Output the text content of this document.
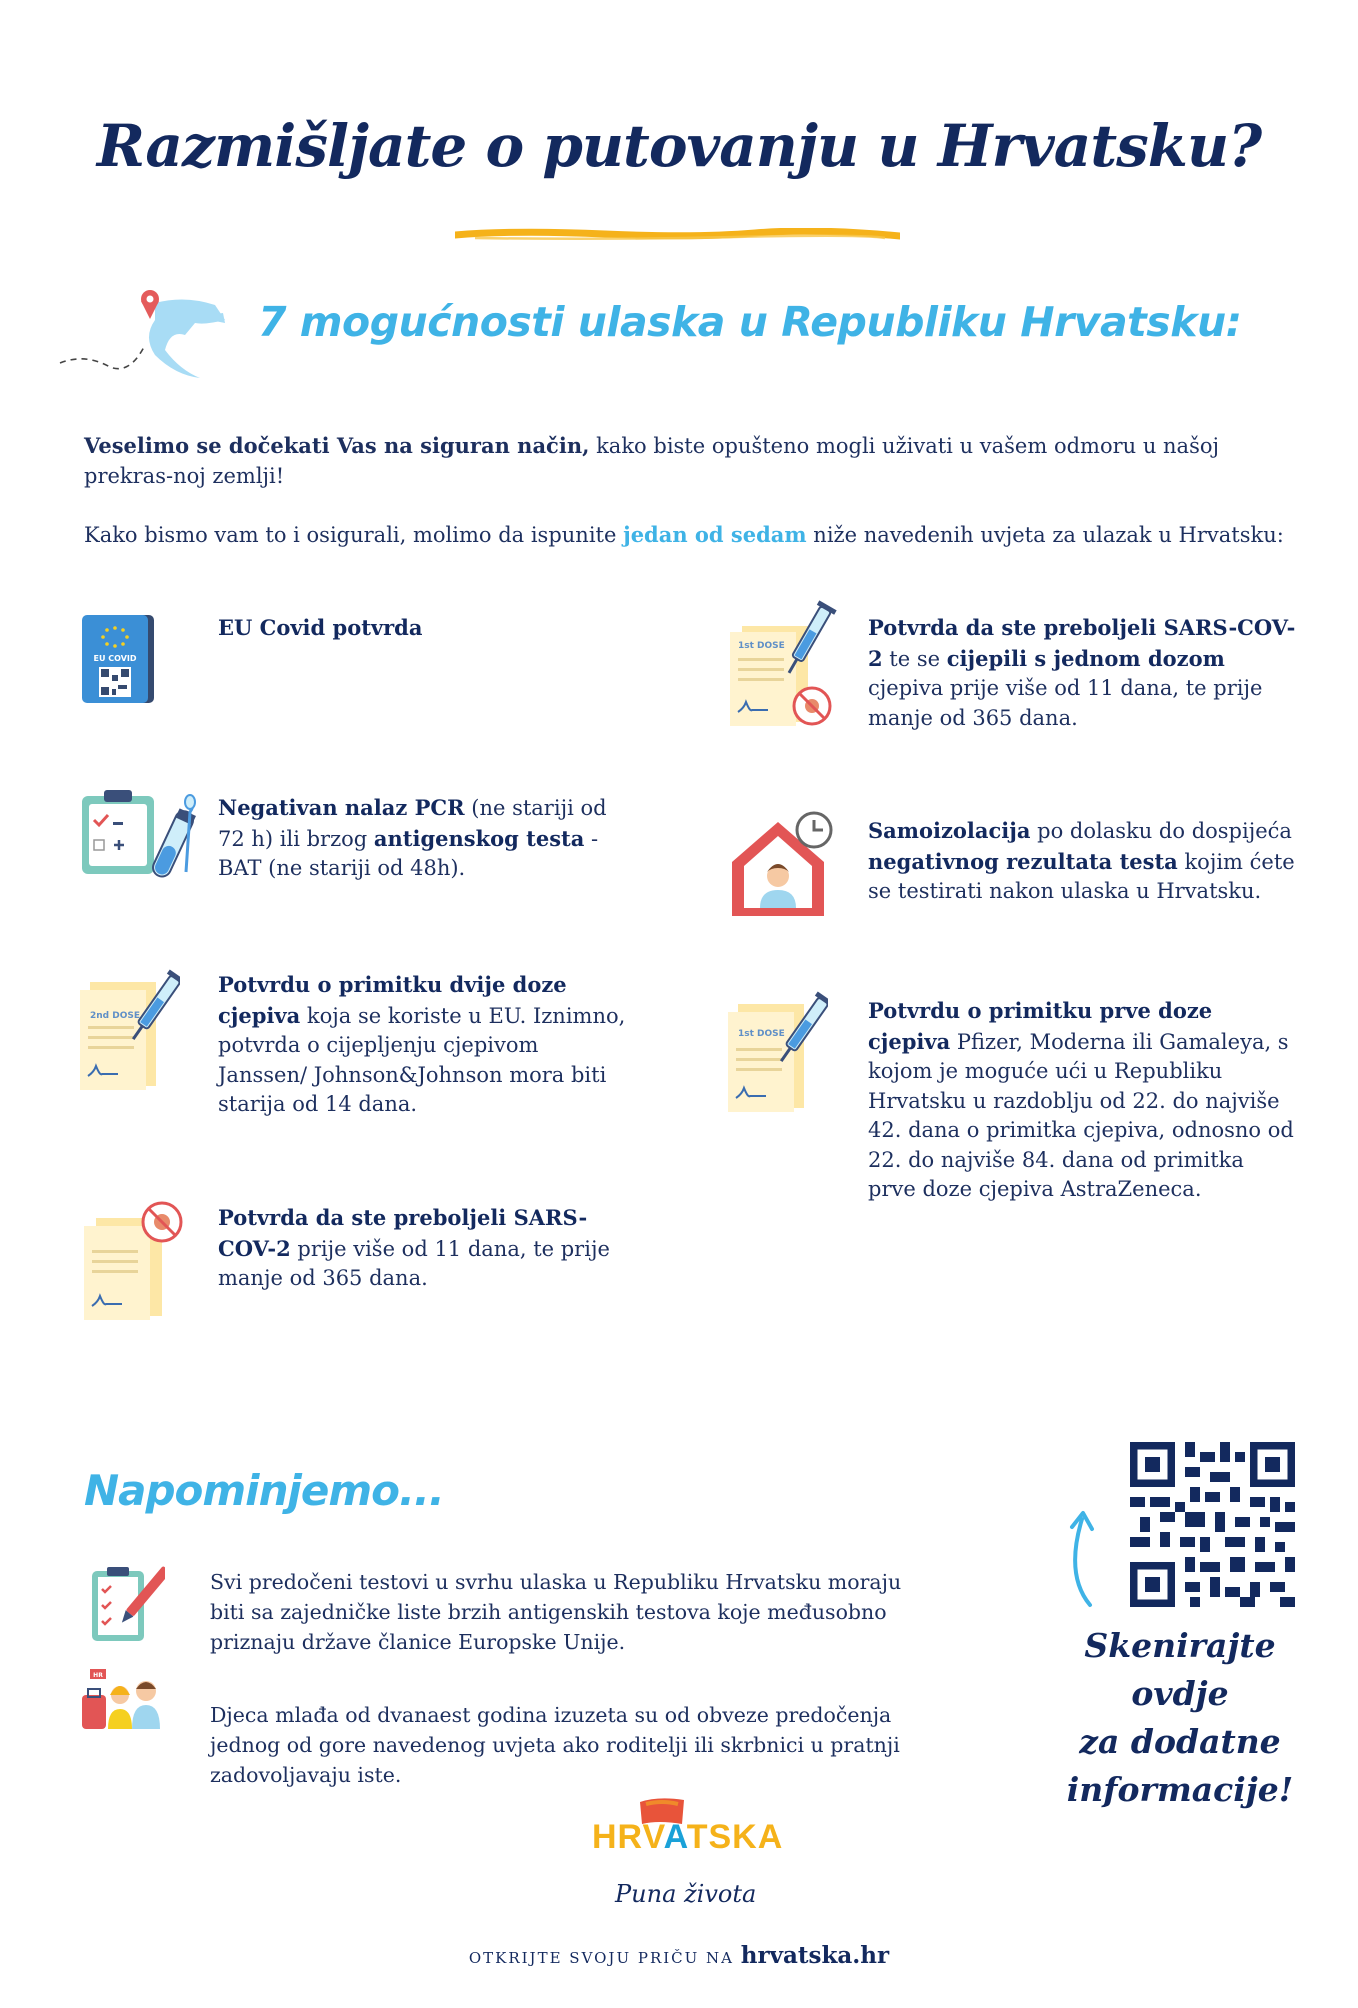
Razmišljate o putovanju u Hrvatsku?
7 mogućnosti ulaska u Republiku Hrvatsku:
Veselimo se dočekati Vas na siguran način, kako biste opušteno mogli uživati u vašem odmoru u našoj prekras-noj zemlji!
Kako bismo vam to i osigurali, molimo da ispunite jedan od sedam niže navedenih uvjeta za ulazak u Hrvatsku:
EU COVID
EU Covid potvrda
Negativan nalaz PCR (ne stariji od 72 h) ili brzog antigenskog testa - BAT (ne stariji od 48h).
2nd DOSE
Potvrdu o primitku dvije doze cjepiva koja se koriste u EU. Iznimno, potvrda o cijepljenju cjepivom Janssen/ Johnson&Johnson mora biti starija od 14 dana.
Potvrda da ste preboljeli SARS-COV-2 prije više od 11 dana, te prije manje od 365 dana.
1st DOSE
Potvrda da ste preboljeli SARS-COV-2 te se cijepili s jednom dozom cjepiva prije više od 11 dana, te prije manje od 365 dana.
Samoizolacija po dolasku do dospijeća negativnog rezultata testa kojim ćete se testirati nakon ulaska u Hrvatsku.
1st DOSE
Potvrdu o primitku prve doze cjepiva Pfizer, Moderna ili Gamaleya, s kojom je moguće ući u Republiku Hrvatsku u razdoblju od 22. do najviše 42. dana o primitka cjepiva, odnosno od 22. do najviše 84. dana od primitka prve doze cjepiva AstraZeneca.
Napominjemo...
Svi predočeni testovi u svrhu ulaska u Republiku Hrvatsku moraju biti sa zajedničke liste brzih antigenskih testova koje međusobno priznaju države članice Europske Unije.
HR
Djeca mlađa od dvanaest godina izuzeta su od obveze predočenja jednog od gore navedenog uvjeta ako roditelji ili skrbnici u pratnji zadovoljavaju iste.
Skenirajte ovdje
za dodatne
informacije!
HRVATSKA
Puna života
OTKRIJTE SVOJU PRIČU NA hrvatska.hr
